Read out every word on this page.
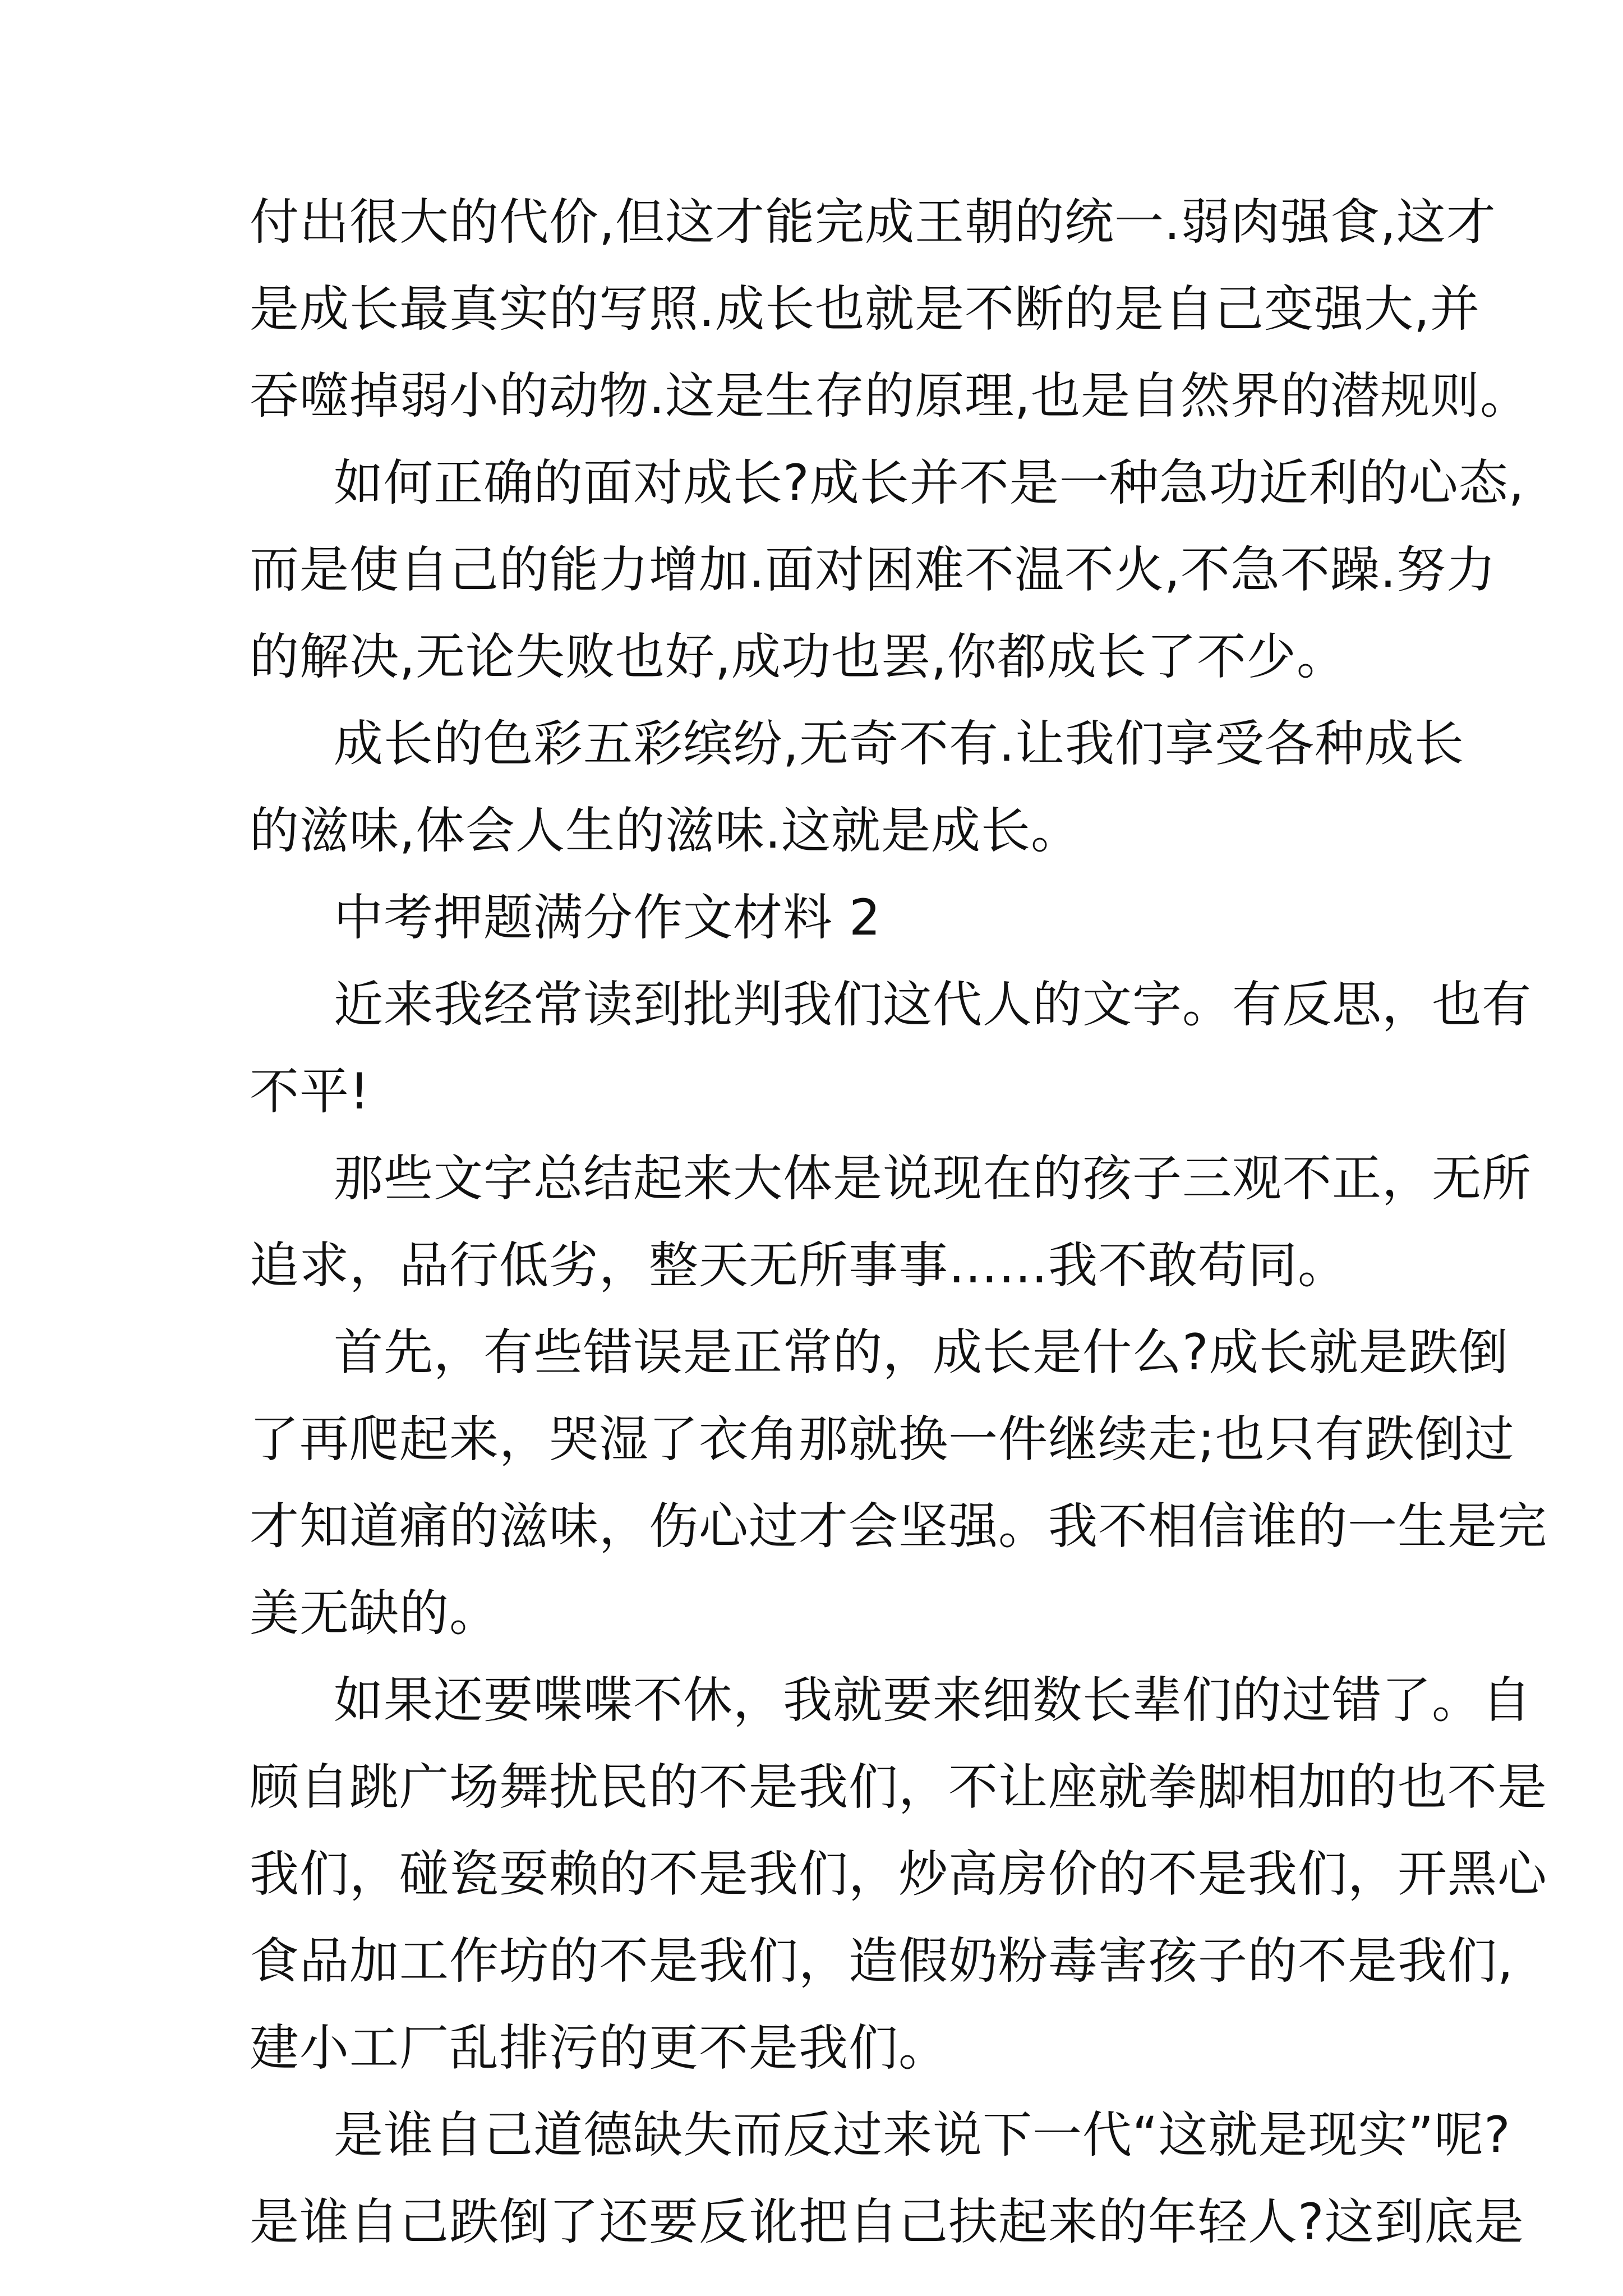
付出很大的代价,但这才能完成王朝的统一.弱肉强食,这才
是成长最真实的写照.成长也就是不断的是自己变强大,并
吞噬掉弱小的动物.这是生存的原理,也是自然界的潜规则。
如何正确的面对成长?成长并不是一种急功近利的心态,
而是使自己的能力增加.面对困难不温不火,不急不躁.努力
的解决,无论失败也好,成功也罢,你都成长了不少。
成长的色彩五彩缤纷,无奇不有.让我们享受各种成长
的滋味,体会人生的滋味.这就是成长。
中考押题满分作文材料 2
近来我经常读到批判我们这代人的文字。有反思，也有
不平!
那些文字总结起来大体是说现在的孩子三观不正，无所
追求，品行低劣，整天无所事事……我不敢苟同。
首先，有些错误是正常的，成长是什么?成长就是跌倒
了再爬起来，哭湿了衣角那就换一件继续走;也只有跌倒过
才知道痛的滋味，伤心过才会坚强。我不相信谁的一生是完
美无缺的。
如果还要喋喋不休，我就要来细数长辈们的过错了。自
顾自跳广场舞扰民的不是我们，不让座就拳脚相加的也不是
我们，碰瓷耍赖的不是我们，炒高房价的不是我们，开黑心
食品加工作坊的不是我们，造假奶粉毒害孩子的不是我们,
建小工厂乱排污的更不是我们。
是谁自己道德缺失而反过来说下一代“这就是现实”呢?
是谁自己跌倒了还要反讹把自己扶起来的年轻人?这到底是
